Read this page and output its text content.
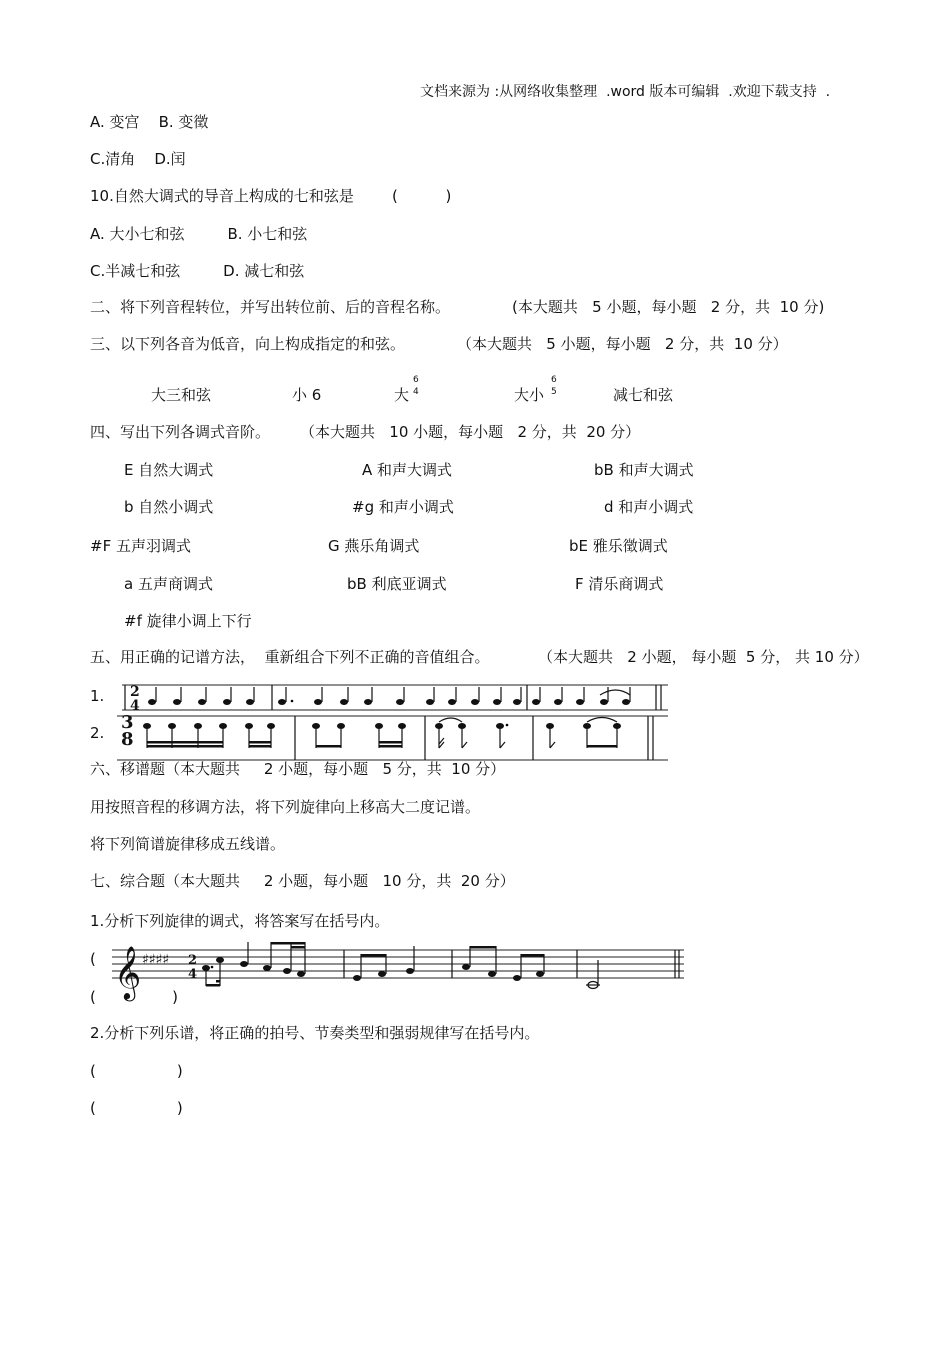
文档来源为 :从网络收集整理  .word 版本可编辑  .欢迎下载支持  .
A. 变宫    B. 变徵
C.清角    D.闰
10.自然大调式的导音上构成的七和弦是	(          )
A. 大小七和弦         B. 小七和弦
C.半减七和弦         D. 减七和弦
二、将下列音程转位，并写出转位前、后的音程名称。	(本大题共   5 小题，每小题   2 分，共  10 分)
三、以下列各音为低音，向上构成指定的和弦。	（本大题共   5 小题，每小题   2 分，共  10 分）
大三和弦	小 6	大
6
4	大小
6
5	减七和弦
四、写出下列各调式音阶。 （本大题共   10 小题，每小题   2 分，共  20 分）
E 自然大调式	A 和声大调式	bB 和声大调式
b 自然小调式	#g 和声小调式	d 和声小调式
#F 五声羽调式	G 燕乐角调式	bE 雅乐徵调式
a 五声商调式	bB 利底亚调式	F 清乐商调式
#f 旋律小调上下行
五、用正确的记谱方法，  重新组合下列不正确的音值组合。	（本大题共   2 小题， 每小题  5 分， 共 10 分）
1.
2.
2
4
3
8
六、移谱题（本大题共     2 小题，每小题   5 分，共  10 分）
用按照音程的移调方法，将下列旋律向上移高大二度记谱。
将下列简谱旋律移成五线谱。
七、综合题（本大题共     2 小题，每小题   10 分，共  20 分）
1.分析下列旋律的调式，将答案写在括号内。
(
(                )
𝄞 ♯♯♯♯ 2
4
2.分析下列乐谱，将正确的拍号、节奏类型和强弱规律写在括号内。
(                 )
(                 )
